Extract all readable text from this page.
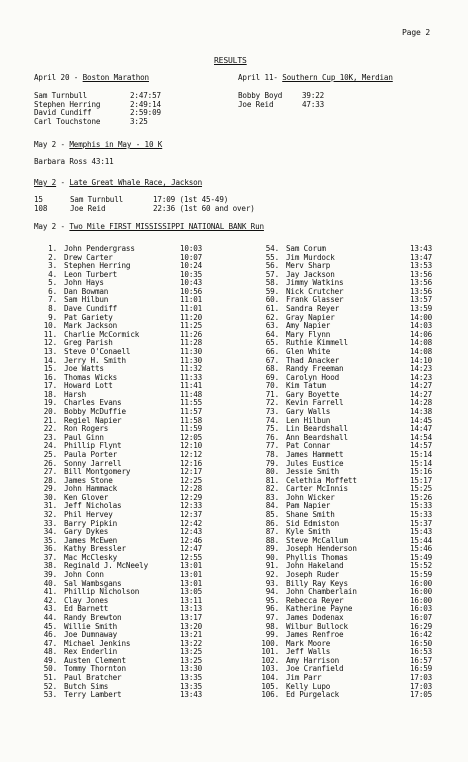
Page 2
RESULTS
April 20 - Boston Marathon
Sam Turnbull	2:47:57
Stephen Herring	2:49:14
David Cundiff	2:59:09
Carl Touchstone	3:25
April 11- Southern Cup 10K, Merdian
Bobby Boyd	39:22
Joe Reid	47:33
May 2 - Memphis in May - 10 K
Barbara Ross 43:11
May 2 - Late Great Whale Race, Jackson
15	Sam Turnbull	17:09 (1st 45-49)
108	Joe Reid	22:36 (1st 60 and over)
May 2 - Two Mile FIRST MISSISSIPPI NATIONAL BANK Run
1. John Pendergrass	10:03
2. Drew Carter	10:07
3. Stephen Herring	10:24
4. Leon Turbert	10:35
5. John Hays	10:43
6. Dan Bowman	10:56
7. Sam Hilbun	11:01
8. Dave Cundiff	11:01
9. Pat Gariety	11:20
10. Mark Jackson	11:25
11. Charlie McCormick	11:26
12. Greg Parish	11:28
13. Steve O'Conaell	11:30
14. Jerry H. Smith	11:30
15. Joe Watts	11:32
16. Thomas Wicks	11:33
17. Howard Lott	11:41
18. Harsh	11:48
19. Charles Evans	11:55
20. Bobby McDuffie	11:57
21. Regiel Napier	11:58
22. Ron Rogers	11:59
23. Paul Ginn	12:05
24. Phillip Flynt	12:10
25. Paula Porter	12:12
26. Sonny Jarrell	12:16
27. Bill Montgomery	12:17
28. James Stone	12:25
29. John Hammack	12:28
30. Ken Glover	12:29
31. Jeff Nicholas	12:33
32. Phil Hervey	12:37
33. Barry Pipkin	12:42
34. Gary Dykes	12:43
35. James McEwen	12:46
36. Kathy Bressler	12:47
37. Mac McClesky	12:55
38. Reginald J. McNeely	13:01
39. John Conn	13:01
40. Sal Wambsgans	13:01
41. Phillip Nicholson	13:05
42. Clay Jones	13:11
43. Ed Barnett	13:13
44. Randy Brewton	13:17
45. Willie Smith	13:20
46. Joe Dumnaway	13:21
47. Michael Jenkins	13:22
48. Rex Enderlin	13:25
49. Austen Clement	13:25
50. Tommy Thornton	13:30
51. Paul Bratcher	13:35
52. Butch Sims	13:35
53. Terry Lambert	13:43
54. Sam Corum	13:43
55. Jim Murdock	13:47
56. Merv Sharp	13:53
57. Jay Jackson	13:56
58. Jimmy Watkins	13:56
59. Nick Crutcher	13:56
60. Frank Glasser	13:57
61. Sandra Reyer	13:59
62. Gray Napier	14:00
63. Amy Napier	14:03
64. Mary Flynn	14:06
65. Ruthie Kimmell	14:08
66. Glen White	14:08
67. Thad Anacker	14:10
68. Randy Freeman	14:23
69. Carolyn Hood	14:23
70. Kim Tatum	14:27
71. Gary Boyette	14:27
72. Kevin Farrell	14:28
73. Gary Walls	14:38
74. Len Hilbun	14:45
75. Lin Beardshall	14:47
76. Ann Beardshall	14:54
77. Pat Connar	14:57
78. James Hammett	15:14
79. Jules Eustice	15:14
80. Jessie Smith	15:16
81. Celethia Moffett	15:17
82. Carter McInnis	15:25
83. John Wicker	15:26
84. Pam Napier	15:33
85. Shane Smith	15:33
86. Sid Edmiston	15:37
87. Kyle Smith	15:43
88. Steve McCallum	15:44
89. Joseph Henderson	15:46
90. Phyllis Thomas	15:49
91. John Hakeland	15:52
92. Joseph Ruder	15:59
93. Billy Ray Keys	16:00
94. John Chamberlain	16:00
95. Rebecca Reyer	16:00
96. Katherine Payne	16:03
97. James Dodenax	16:07
98. Wilbur Bullock	16:29
99. James Renfroe	16:42
100. Mark Moore	16:50
101. Jeff Walls	16:53
102. Amy Harrison	16:57
103. Joe Cranfield	16:59
104. Jim Parr	17:03
105. Kelly Lupo	17:03
106. Ed Purgelack	17:05
